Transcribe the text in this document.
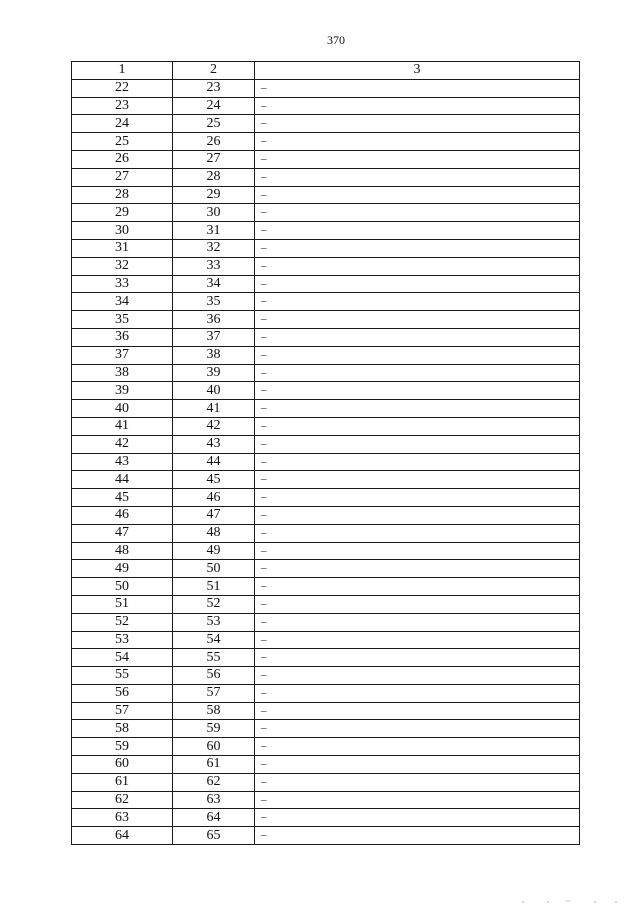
370
1	2	3
22	23	–
23	24	–
24	25	–
25	26	–
26	27	–
27	28	–
28	29	–
29	30	–
30	31	–
31	32	–
32	33	–
33	34	–
34	35	–
35	36	–
36	37	–
37	38	–
38	39	–
39	40	–
40	41	–
41	42	–
42	43	–
43	44	–
44	45	–
45	46	–
46	47	–
47	48	–
48	49	–
49	50	–
50	51	–
51	52	–
52	53	–
53	54	–
54	55	–
55	56	–
56	57	–
57	58	–
58	59	–
59	60	–
60	61	–
61	62	–
62	63	–
63	64	–
64	65	–
